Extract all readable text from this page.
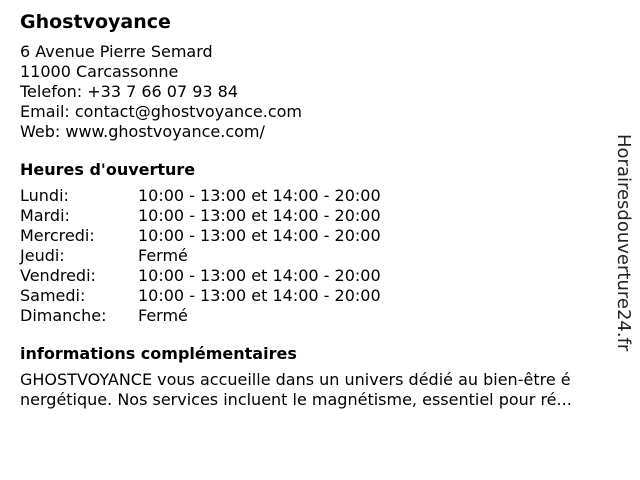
Ghostvoyance
6 Avenue Pierre Semard
11000 Carcassonne
Telefon: +33 7 66 07 93 84
Email: contact@ghostvoyance.com
Web: www.ghostvoyance.com/
Heures d'ouverture
Lundi:	10:00 - 13:00 et 14:00 - 20:00
Mardi:	10:00 - 13:00 et 14:00 - 20:00
Mercredi:	10:00 - 13:00 et 14:00 - 20:00
Jeudi:	Fermé
Vendredi:	10:00 - 13:00 et 14:00 - 20:00
Samedi:	10:00 - 13:00 et 14:00 - 20:00
Dimanche:	Fermé
informations complémentaires
GHOSTVOYANCE vous accueille dans un univers dédié au bien-être é
nergétique. Nos services incluent le magnétisme, essentiel pour ré...
Horairesdouverture24.fr
